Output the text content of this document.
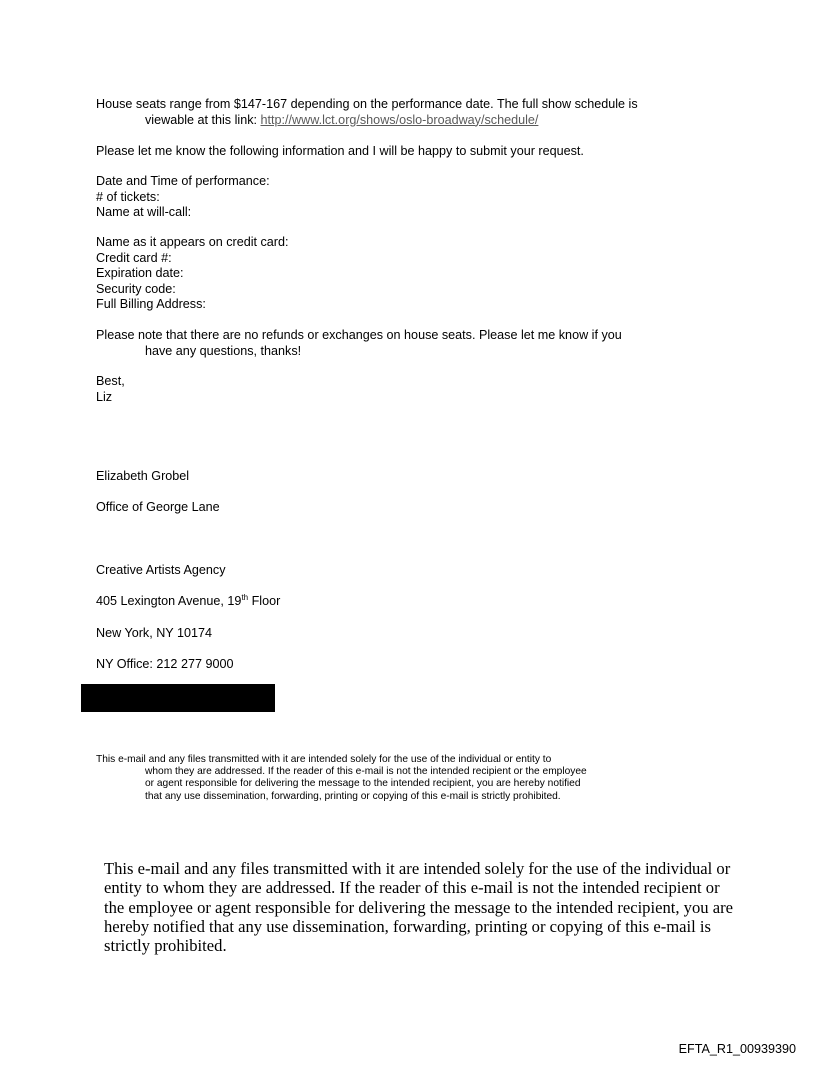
House seats range from $147-167 depending on the performance date. The full show schedule is
viewable at this link: http://www.lct.org/shows/oslo-broadway/schedule/
Please let me know the following information and I will be happy to submit your request.
Date and Time of performance:
# of tickets:
Name at will-call:
Name as it appears on credit card:
Credit card #:
Expiration date:
Security code:
Full Billing Address:
Please note that there are no refunds or exchanges on house seats. Please let me know if you
have any questions, thanks!
Best,
Liz
Elizabeth Grobel
Office of George Lane
Creative Artists Agency
405 Lexington Avenue, 19th Floor
New York, NY 10174
NY Office: 212 277 9000
This e-mail and any files transmitted with it are intended solely for the use of the individual or entity to
whom they are addressed. If the reader of this e-mail is not the intended recipient or the employee
or agent responsible for delivering the message to the intended recipient, you are hereby notified
that any use dissemination, forwarding, printing or copying of this e-mail is strictly prohibited.
This e-mail and any files transmitted with it are intended solely for the use of the individual or entity to whom they are addressed. If the reader of this e-mail is not the intended recipient or the employee or agent responsible for delivering the message to the intended recipient, you are hereby notified that any use dissemination, forwarding, printing or copying of this e-mail is strictly prohibited.
EFTA_R1_00939390
